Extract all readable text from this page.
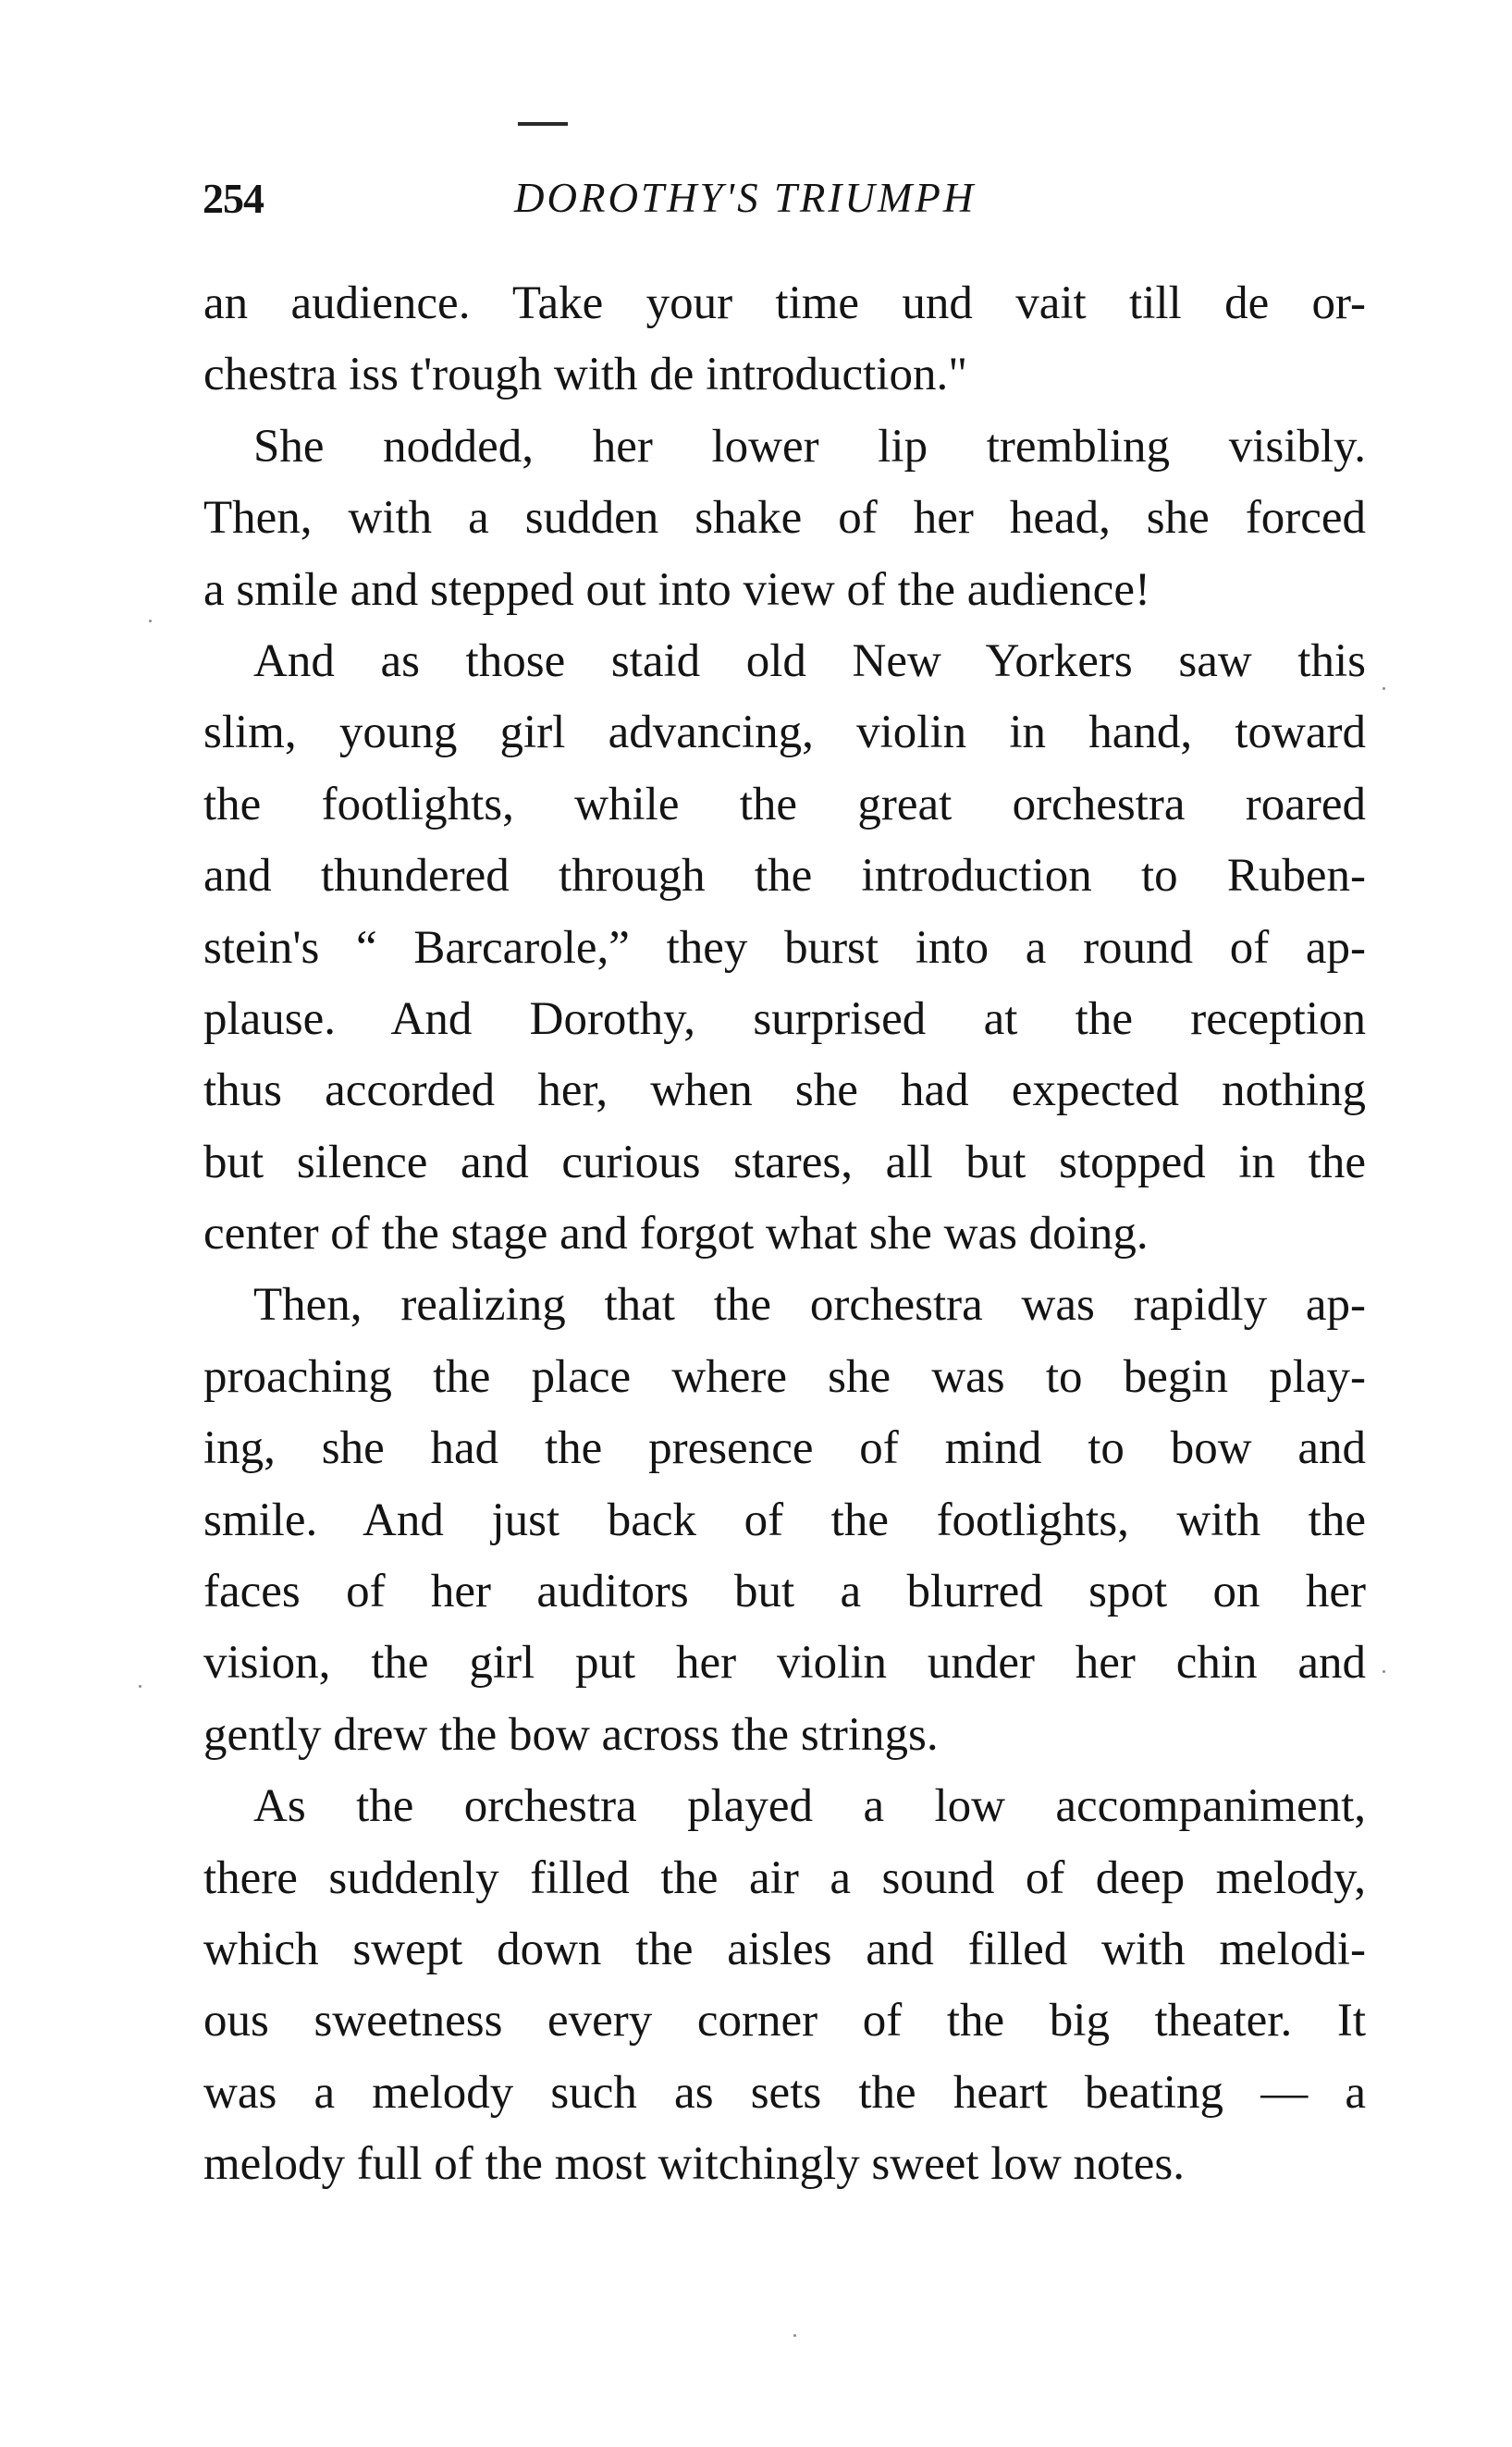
254	DOROTHY'S TRIUMPH
an audience. Take your time und vait till de or-
chestra iss t'rough with de introduction."
She nodded, her lower lip trembling visibly.
Then, with a sudden shake of her head, she forced
a smile and stepped out into view of the audience!
And as those staid old New Yorkers saw this
slim, young girl advancing, violin in hand, toward
the footlights, while the great orchestra roared
and thundered through the introduction to Ruben-
stein's “ Barcarole,” they burst into a round of ap-
plause. And Dorothy, surprised at the reception
thus accorded her, when she had expected nothing
but silence and curious stares, all but stopped in the
center of the stage and forgot what she was doing.
Then, realizing that the orchestra was rapidly ap-
proaching the place where she was to begin play-
ing, she had the presence of mind to bow and
smile. And just back of the footlights, with the
faces of her auditors but a blurred spot on her
vision, the girl put her violin under her chin and
gently drew the bow across the strings.
As the orchestra played a low accompaniment,
there suddenly filled the air a sound of deep melody,
which swept down the aisles and filled with melodi-
ous sweetness every corner of the big theater. It
was a melody such as sets the heart beating — a
melody full of the most witchingly sweet low notes.
